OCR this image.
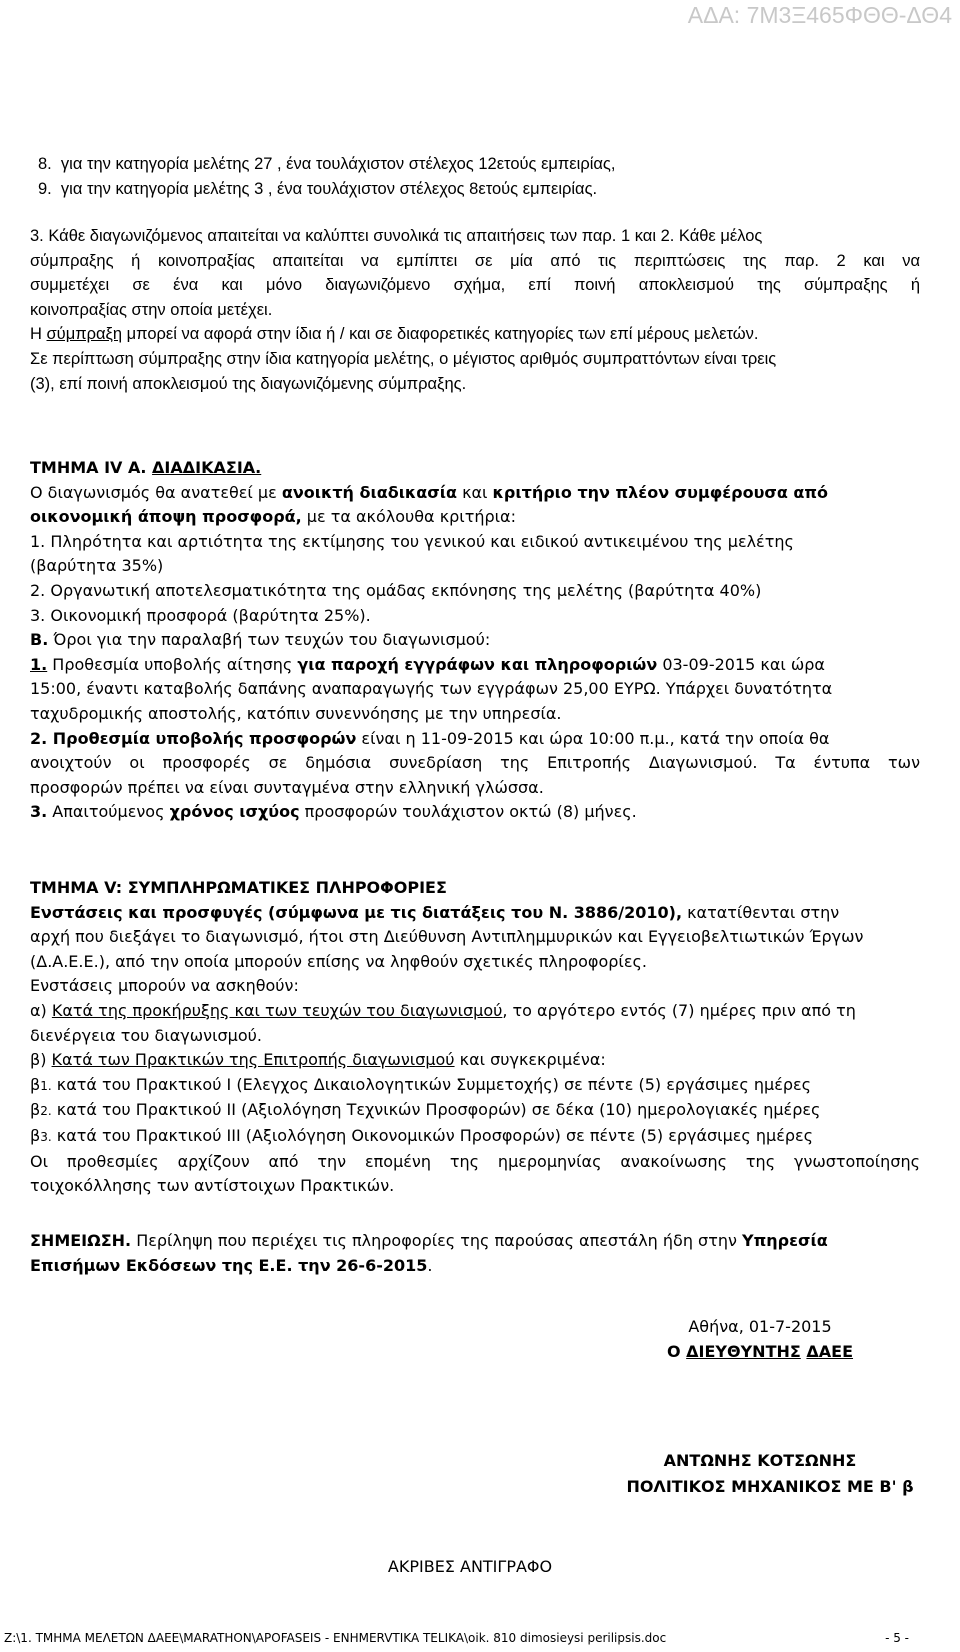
ΑΔΑ: 7Μ3Ξ465ΦΘΘ-ΔΘ4
8.  για την κατηγορία μελέτης 27 , ένα τουλάχιστον στέλεχος 12ετούς εμπειρίας,
9.  για την κατηγορία μελέτης 3 , ένα τουλάχιστον στέλεχος 8ετούς εμπειρίας.
3. Κάθε διαγωνιζόμενος απαιτείται να καλύπτει συνολικά τις απαιτήσεις των παρ. 1 και 2. Κάθε μέλος
σύμπραξης ή κοινοπραξίας απαιτείται να εμπίπτει σε μία από τις περιπτώσεις της παρ. 2 και να
συμμετέχει σε ένα και μόνο διαγωνιζόμενο σχήμα, επί ποινή αποκλεισμού της σύμπραξης ή
κοινοπραξίας στην οποία μετέχει.
Η σύμπραξη μπορεί να αφορά στην ίδια ή / και σε διαφορετικές κατηγορίες των επί μέρους μελετών.
Σε περίπτωση σύμπραξης στην ίδια κατηγορία μελέτης, ο μέγιστος αριθμός συμπραττόντων είναι τρεις
(3), επί ποινή αποκλεισμού της διαγωνιζόμενης σύμπραξης.
ΤΜΗΜΑ IV Α. ΔΙΑΔΙΚΑΣΙΑ.
Ο διαγωνισμός θα ανατεθεί με ανοικτή διαδικασία και κριτήριο την πλέον συμφέρουσα από
οικονομική άποψη προσφορά, με τα ακόλουθα κριτήρια:
1. Πληρότητα και αρτιότητα της εκτίμησης του γενικού και ειδικού αντικειμένου της μελέτης
(βαρύτητα 35%)
2. Οργανωτική αποτελεσματικότητα της ομάδας εκπόνησης της μελέτης (βαρύτητα 40%)
3. Οικονομική προσφορά (βαρύτητα 25%).
Β. Όροι για την παραλαβή των τευχών του διαγωνισμού:
1. Προθεσμία υποβολής αίτησης για παροχή εγγράφων και πληροφοριών 03-09-2015 και ώρα
15:00, έναντι καταβολής δαπάνης αναπαραγωγής των εγγράφων 25,00 ΕΥΡΩ. Υπάρχει δυνατότητα
ταχυδρομικής αποστολής, κατόπιν συνεννόησης με την υπηρεσία.
2. Προθεσμία υποβολής προσφορών είναι η 11-09-2015 και ώρα 10:00 π.μ., κατά την οποία θα
ανοιχτούν οι προσφορές σε δημόσια συνεδρίαση της Επιτροπής Διαγωνισμού. Τα έντυπα των
προσφορών πρέπει να είναι συνταγμένα στην ελληνική γλώσσα.
3. Απαιτούμενος χρόνος ισχύος προσφορών τουλάχιστον οκτώ (8) μήνες.
ΤΜΗΜΑ V: ΣΥΜΠΛΗΡΩΜΑΤΙΚΕΣ ΠΛΗΡΟΦΟΡΙΕΣ
Ενστάσεις και προσφυγές (σύμφωνα με τις διατάξεις του Ν. 3886/2010), κατατίθενται στην
αρχή που διεξάγει το διαγωνισμό, ήτοι στη Διεύθυνση Αντιπλημμυρικών και Εγγειοβελτιωτικών Έργων
(Δ.Α.Ε.Ε.), από την οποία μπορούν επίσης να ληφθούν σχετικές πληροφορίες.
Ενστάσεις μπορούν να ασκηθούν:
α) Κατά της προκήρυξης και των τευχών του διαγωνισμού, το αργότερο εντός (7) ημέρες πριν από τη
διενέργεια του διαγωνισμού.
β) Κατά των Πρακτικών της Επιτροπής διαγωνισμού και συγκεκριμένα:
β1. κατά του Πρακτικού Ι (Ελεγχος Δικαιολογητικών Συμμετοχής) σε πέντε (5) εργάσιμες ημέρες
β2. κατά του Πρακτικού ΙΙ (Αξιολόγηση Τεχνικών Προσφορών) σε δέκα (10) ημερολογιακές ημέρες
β3. κατά του Πρακτικού ΙΙΙ (Αξιολόγηση Οικονομικών Προσφορών) σε πέντε (5) εργάσιμες ημέρες
Οι προθεσμίες αρχίζουν από την επομένη της ημερομηνίας ανακοίνωσης της γνωστοποίησης
τοιχοκόλλησης των αντίστοιχων Πρακτικών.
ΣΗΜΕΙΩΣΗ. Περίληψη που περιέχει τις πληροφορίες της παρούσας απεστάλη ήδη στην Υπηρεσία
Επισήμων Εκδόσεων της Ε.Ε. την 26-6-2015.
Αθήνα, 01-7-2015
Ο ΔΙΕΥΘΥΝΤΗΣ ΔΑΕΕ
ΑΝΤΩΝΗΣ ΚΟΤΣΩΝΗΣ
ΠΟΛΙΤΙΚΟΣ ΜΗΧΑΝΙΚΟΣ ΜΕ Β' β
ΑΚΡΙΒΕΣ ΑΝΤΙΓΡΑΦΟ
Z:\1. ΤΜΗΜΑ ΜΕΛΕΤΩΝ ΔΑΕΕ\MARATHON\APOFASEIS - ENHMERVTIKA TELIKA\oik. 810 dimosieysi perilipsis.doc	- 5 -
